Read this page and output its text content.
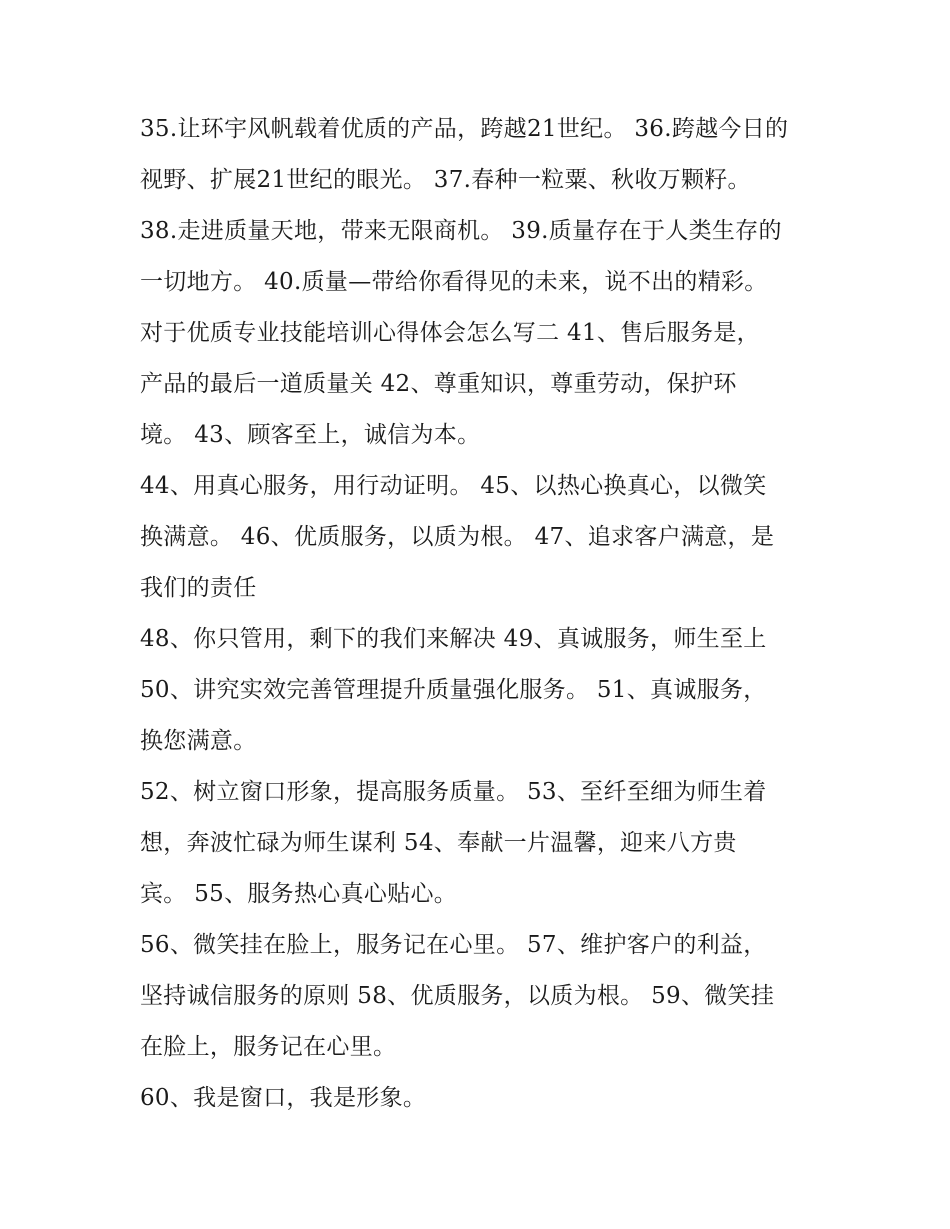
35.让环宇风帆载着优质的产品，跨越21世纪。 36.跨越今日的
视野、扩展21世纪的眼光。 37.春种一粒粟、秋收万颗籽。
38.走进质量天地，带来无限商机。 39.质量存在于人类生存的
一切地方。 40.质量—带给你看得见的未来，说不出的精彩。
对于优质专业技能培训心得体会怎么写二 41、售后服务是，
产品的最后一道质量关 42、尊重知识，尊重劳动，保护环
境。 43、顾客至上，诚信为本。
44、用真心服务，用行动证明。 45、以热心换真心，以微笑
换满意。 46、优质服务，以质为根。 47、追求客户满意，是
我们的责任
48、你只管用，剩下的我们来解决 49、真诚服务，师生至上
50、讲究实效完善管理提升质量强化服务。 51、真诚服务，
换您满意。
52、树立窗口形象，提高服务质量。 53、至纤至细为师生着
想，奔波忙碌为师生谋利 54、奉献一片温馨，迎来八方贵
宾。 55、服务热心真心贴心。
56、微笑挂在脸上，服务记在心里。 57、维护客户的利益，
坚持诚信服务的原则 58、优质服务，以质为根。 59、微笑挂
在脸上，服务记在心里。
60、我是窗口，我是形象。
